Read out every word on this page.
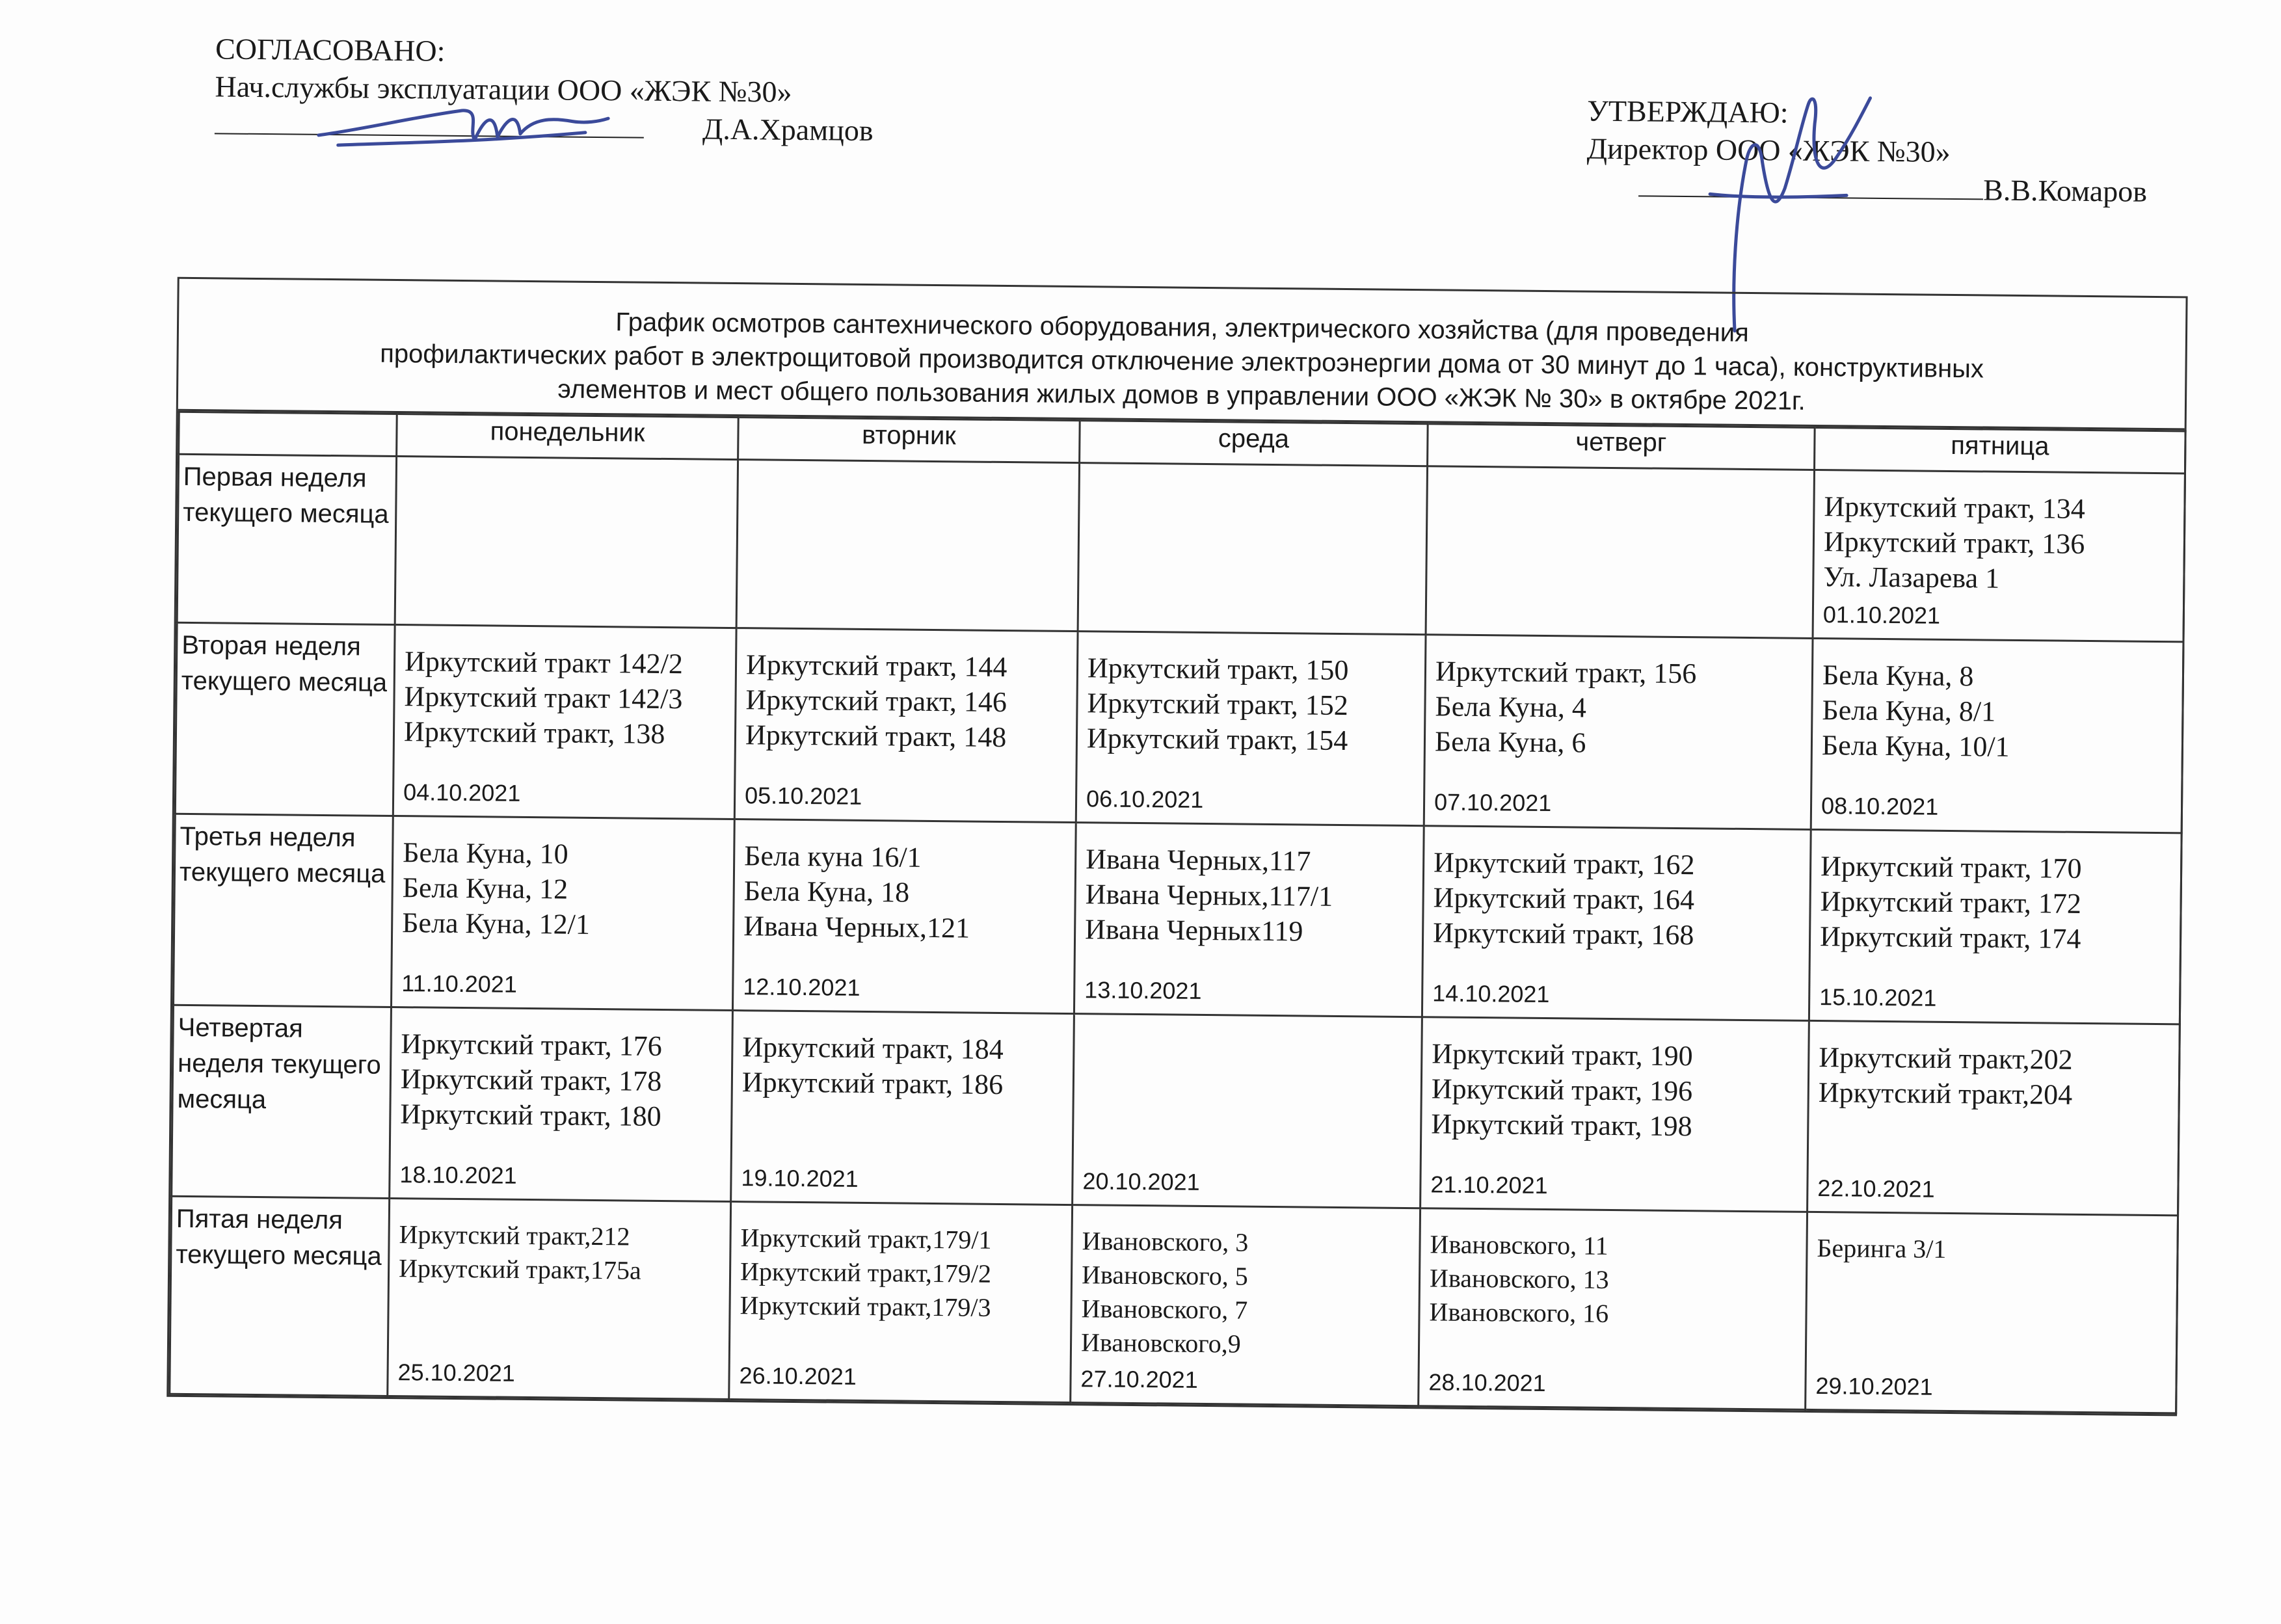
СОГЛАСОВАНО:
Нач.службы эксплуатации ООО «ЖЭК №30»
Д.А.Храмцов
УТВЕРЖДАЮ:
Директор ООО «ЖЭК №30»
В.В.Комаров
График осмотров сантехнического оборудования, электрического хозяйства (для проведения
профилактических работ в электрощитовой производится отключение электроэнергии дома от 30 минут до 1 часа), конструктивных
элементов и мест общего пользования жилых домов в управлении ООО «ЖЭК № 30» в октябре 2021г.
	понедельник	вторник	среда	четверг	пятница
Первая неделя текущего месяца					Иркутский тракт, 134
Иркутский тракт, 136
Ул. Лазарева 1
01.10.2021

Вторая неделя текущего месяца	Иркутский тракт 142/2
Иркутский тракт 142/3
Иркутский тракт, 138
04.10.2021	Иркутский тракт, 144
Иркутский тракт, 146
Иркутский тракт, 148
05.10.2021	Иркутский тракт, 150
Иркутский тракт, 152
Иркутский тракт, 154
06.10.2021	Иркутский тракт, 156
Бела Куна, 4
Бела Куна, 6
07.10.2021	Бела Куна, 8
Бела Куна, 8/1
Бела Куна, 10/1
08.10.2021

Третья неделя текущего месяца	Бела Куна, 10
Бела Куна, 12
Бела Куна, 12/1
11.10.2021	Бела куна 16/1
Бела Куна, 18
Ивана Черных,121
12.10.2021	Ивана Черных,117
Ивана Черных,117/1
Ивана Черных119
13.10.2021	Иркутский тракт, 162
Иркутский тракт, 164
Иркутский тракт, 168
14.10.2021	Иркутский тракт, 170
Иркутский тракт, 172
Иркутский тракт, 174
15.10.2021

Четвертая неделя текущего месяца	Иркутский тракт, 176
Иркутский тракт, 178
Иркутский тракт, 180
18.10.2021	Иркутский тракт, 184
Иркутский тракт, 186
19.10.2021	20.10.2021	Иркутский тракт, 190
Иркутский тракт, 196
Иркутский тракт, 198
21.10.2021	Иркутский тракт,202
Иркутский тракт,204
22.10.2021

Пятая неделя текущего месяца	Иркутский тракт,212
Иркутский тракт,175а
25.10.2021	Иркутский тракт,179/1
Иркутский тракт,179/2
Иркутский тракт,179/3
26.10.2021	Ивановского, 3
Ивановского, 5
Ивановского, 7
Ивановского,9
27.10.2021	Ивановского, 11
Ивановского, 13
Ивановского, 16
28.10.2021	Беринга 3/1
29.10.2021
